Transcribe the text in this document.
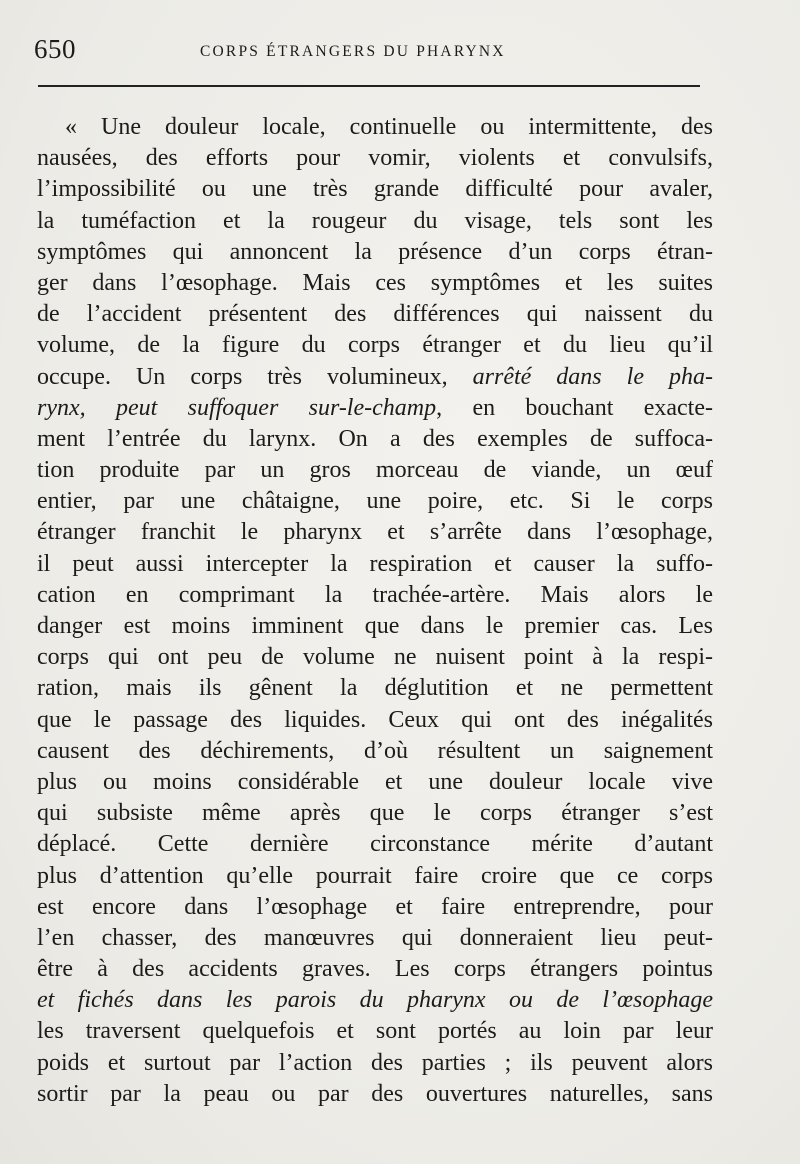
650	CORPS ÉTRANGERS DU PHARYNX
« Une douleur locale, continuelle ou intermittente, des
nausées, des efforts pour vomir, violents et convulsifs,
l’impossibilité ou une très grande difficulté pour avaler,
la tuméfaction et la rougeur du visage, tels sont les
symptômes qui annoncent la présence d’un corps étran-
ger dans l’œsophage. Mais ces symptômes et les suites
de l’accident présentent des différences qui naissent du
volume, de la figure du corps étranger et du lieu qu’il
occupe. Un corps très volumineux, arrêté dans le pha-
rynx, peut suffoquer sur-le-champ, en bouchant exacte-
ment l’entrée du larynx. On a des exemples de suffoca-
tion produite par un gros morceau de viande, un œuf
entier, par une châtaigne, une poire, etc. Si le corps
étranger franchit le pharynx et s’arrête dans l’œsophage,
il peut aussi intercepter la respiration et causer la suffo-
cation en comprimant la trachée-artère. Mais alors le
danger est moins imminent que dans le premier cas. Les
corps qui ont peu de volume ne nuisent point à la respi-
ration, mais ils gênent la déglutition et ne permettent
que le passage des liquides. Ceux qui ont des inégalités
causent des déchirements, d’où résultent un saignement
plus ou moins considérable et une douleur locale vive
qui subsiste même après que le corps étranger s’est
déplacé. Cette dernière circonstance mérite d’autant
plus d’attention qu’elle pourrait faire croire que ce corps
est encore dans l’œsophage et faire entreprendre, pour
l’en chasser, des manœuvres qui donneraient lieu peut-
être à des accidents graves. Les corps étrangers pointus
et fichés dans les parois du pharynx ou de l’œsophage
les traversent quelquefois et sont portés au loin par leur
poids et surtout par l’action des parties ; ils peuvent alors
sortir par la peau ou par des ouvertures naturelles, sans
